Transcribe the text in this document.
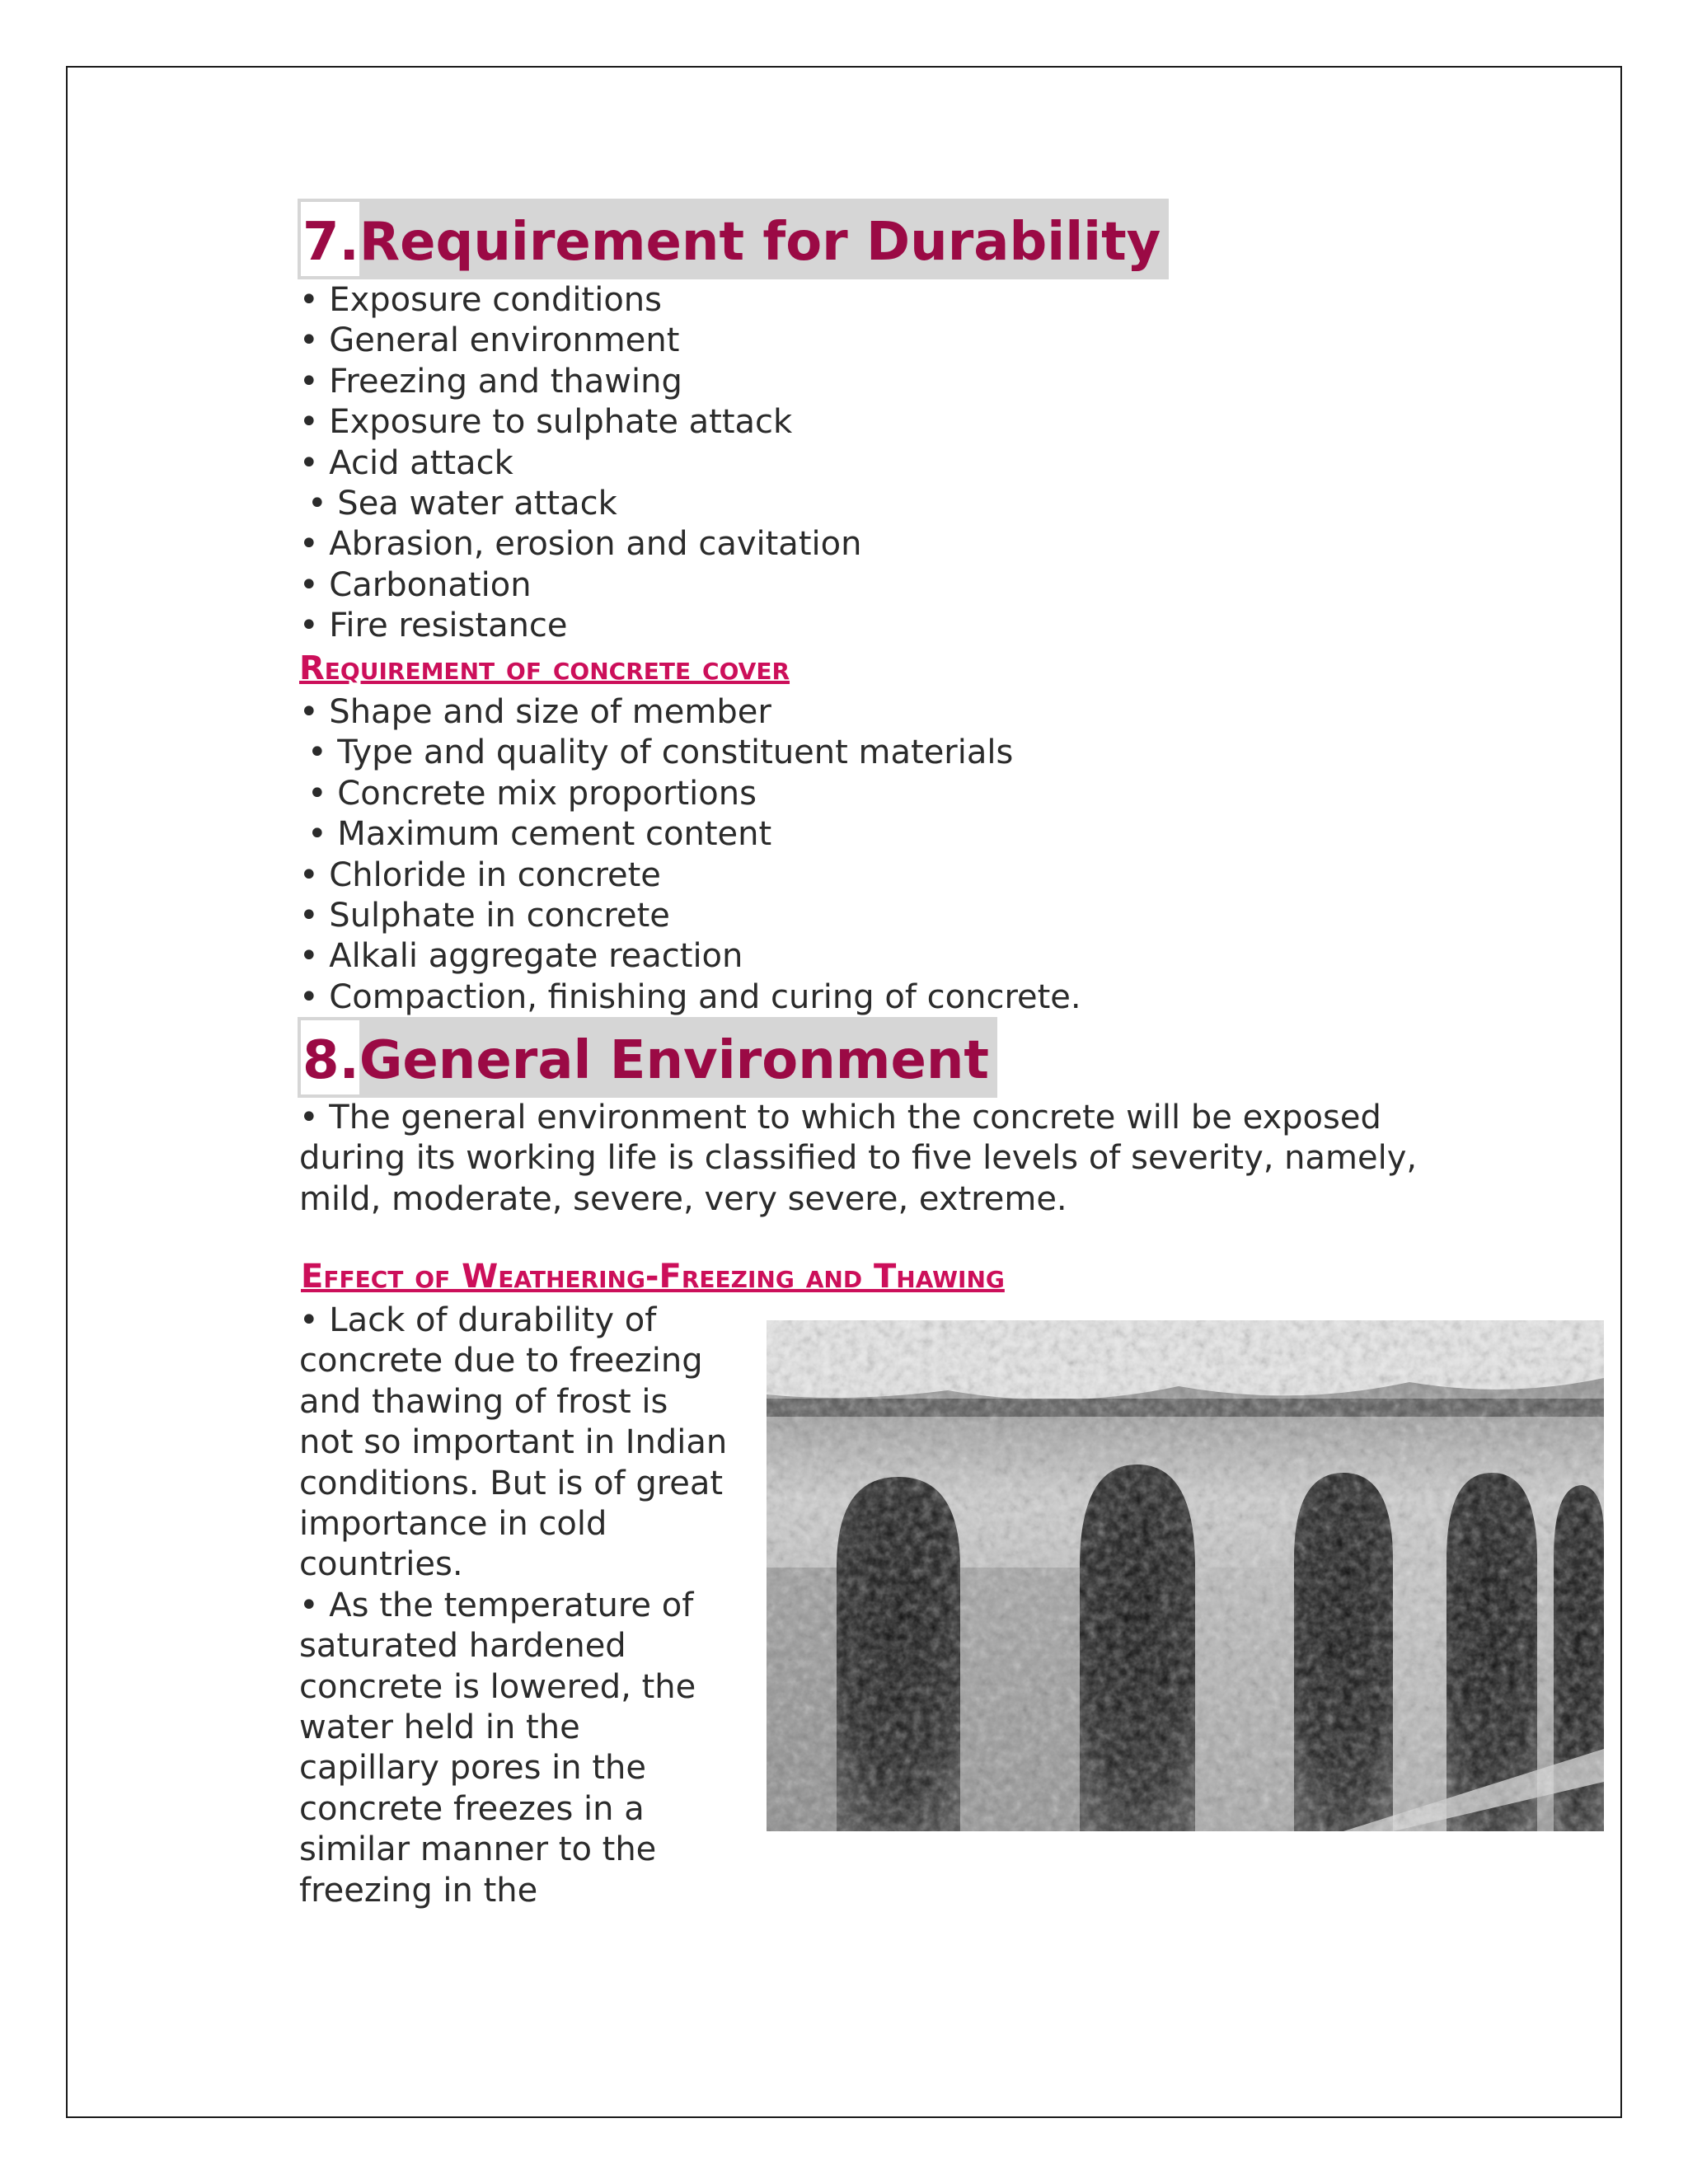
7.Requirement for Durability
• Exposure conditions
• General environment
• Freezing and thawing
• Exposure to sulphate attack
• Acid attack
• Sea water attack
• Abrasion, erosion and cavitation
• Carbonation
• Fire resistance
Requirement of concrete cover
• Shape and size of member
• Type and quality of constituent materials
• Concrete mix proportions
• Maximum cement content
• Chloride in concrete
• Sulphate in concrete
• Alkali aggregate reaction
• Compaction, finishing and curing of concrete.
8.General Environment

• The general environment to which the concrete will be exposed during its working life is classified to five levels of severity, namely, mild, moderate, severe, very severe, extreme.

Effect of Weathering-Freezing and Thawing

• Lack of durability of concrete due to freezing and thawing of frost is not so important in Indian conditions. But is of great importance in cold countries.

• As the temperature of saturated hardened concrete is lowered, the water held in the capillary pores in the concrete freezes in a similar manner to the freezing in the
